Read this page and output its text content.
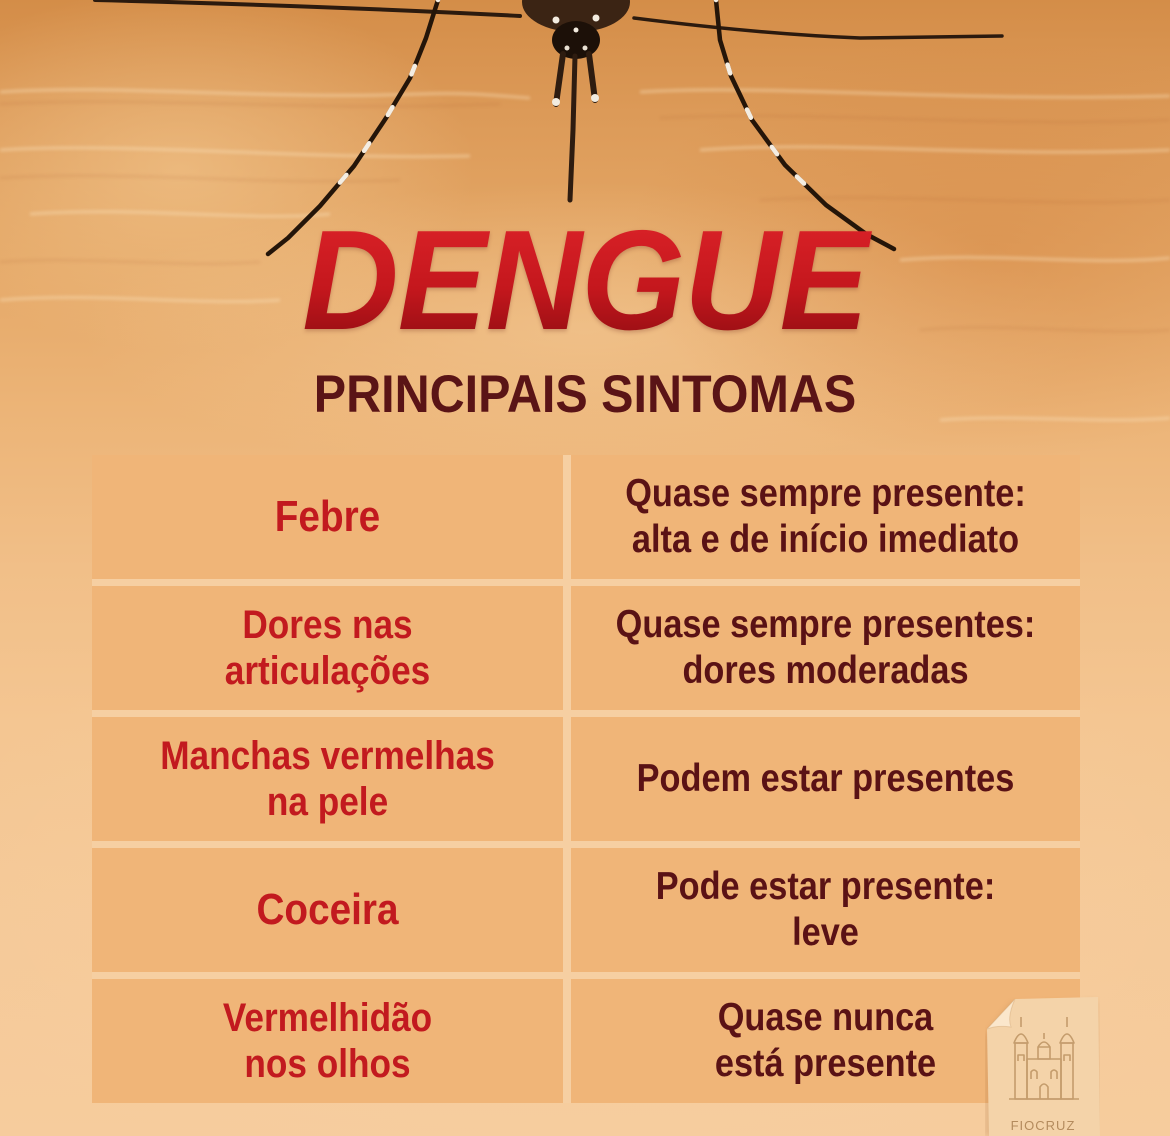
DENGUE
PRINCIPAIS SINTOMAS
Febre	Quase sempre presente:
alta e de início imediato
Dores nas
articulações
Quase sempre presentes:
dores moderadas
Manchas vermelhas
na pele
Podem estar presentes
Coceira	Pode estar presente:
leve
Vermelhidão
nos olhos
Quase nunca
está presente
FIOCRUZ
